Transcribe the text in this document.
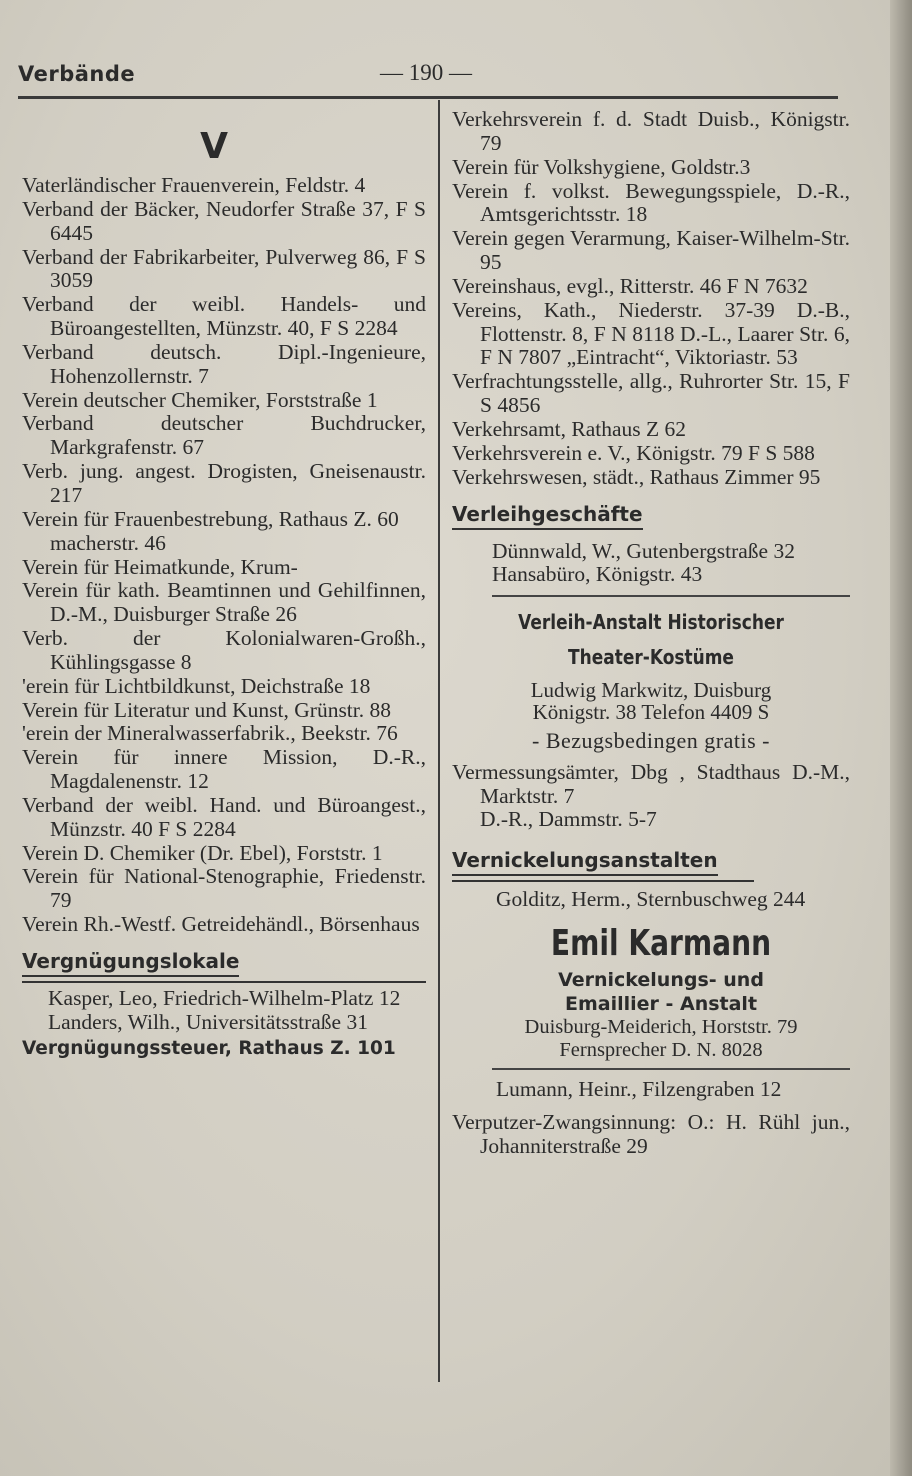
Verbände	— 190 —
V
Vaterländischer Frauenverein, Feldstr. 4
Verband der Bäcker, Neudorfer Straße 37, F S 6445
Verband der Fabrikarbeiter, Pulverweg 86, F S 3059
Verband der weibl. Handels- und Büroangestellten, Münzstr. 40, F S 2284
Verband deutsch. Dipl.-Ingenieure, Hohenzollernstr. 7
Verein deutscher Chemiker, Forststraße 1
Verband deutscher Buchdrucker, Markgrafenstr. 67
Verb. jung. angest. Drogisten, Gneisenaustr. 217
Verein für Frauenbestrebung, Rathaus Z. 60
macherstr. 46
Verein für Heimatkunde, Krum-
Verein für kath. Beamtinnen und Gehilfinnen, D.-M., Duisburger Straße 26
Verb. der Kolonialwaren-Großh., Kühlingsgasse 8
'erein für Lichtbildkunst, Deichstraße 18
Verein für Literatur und Kunst, Grünstr. 88
'erein der Mineralwasserfabrik., Beekstr. 76
Verein für innere Mission, D.-R., Magdalenenstr. 12
Verband der weibl. Hand. und Büroangest., Münzstr. 40 F S 2284
Verein D. Chemiker (Dr. Ebel), Forststr. 1
Verein für National-Stenographie, Friedenstr. 79
Verein Rh.-Westf. Getreidehändl., Börsenhaus
Vergnügungslokale
Kasper, Leo, Friedrich-Wilhelm-Platz 12
Landers, Wilh., Universitätsstraße 31
Vergnügungssteuer, Rathaus Z. 101
Verkehrsverein f. d. Stadt Duisb., Königstr. 79
Verein für Volkshygiene, Goldstr.3
Verein f. volkst. Bewegungsspiele, D.-R., Amtsgerichtsstr. 18
Verein gegen Verarmung, Kaiser-Wilhelm-Str. 95
Vereinshaus, evgl., Ritterstr. 46 F N 7632
Vereins, Kath., Niederstr. 37-39 D.-B., Flottenstr. 8, F N 8118 D.-L., Laarer Str. 6, F N 7807 „Eintracht“, Viktoriastr. 53
Verfrachtungsstelle, allg., Ruhrorter Str. 15, F S 4856
Verkehrsamt, Rathaus Z 62
Verkehrsverein e. V., Königstr. 79 F S 588
Verkehrswesen, städt., Rathaus Zimmer 95
Verleihgeschäfte
Dünnwald, W., Gutenbergstraße 32
Hansabüro, Königstr. 43
Verleih-Anstalt Historischer
Theater-Kostüme
Ludwig Markwitz, Duisburg
Königstr. 38 Telefon 4409 S
- Bezugsbedingen gratis -
Vermessungsämter, Dbg , Stadthaus D.-M., Marktstr. 7
D.-R., Dammstr. 5-7
Vernickelungsanstalten
Golditz, Herm., Sternbuschweg 244
Emil Karmann
Vernickelungs- und
Emaillier - Anstalt
Duisburg-Meiderich, Horststr. 79
Fernsprecher D. N. 8028
Lumann, Heinr., Filzengraben 12
Verputzer-Zwangsinnung: O.: H. Rühl jun., Johanniterstraße 29
